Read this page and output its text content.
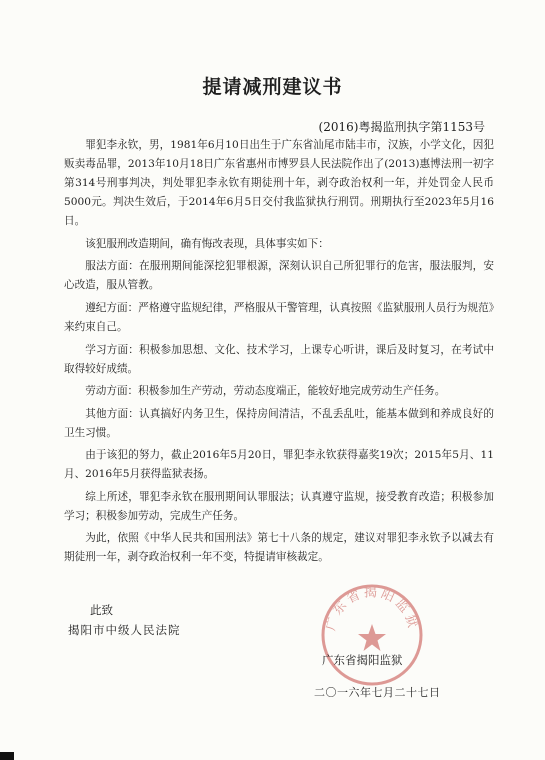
提请减刑建议书
(2016)粤揭监刑执字第1153号

罪犯李永钦，男，1981年6月10日出生于广东省汕尾市陆丰市，汉族，小学文化，因犯贩卖毒品罪，2013年10月18日广东省惠州市博罗县人民法院作出了(2013)惠博法刑一初字第314号刑事判决，判处罪犯李永钦有期徒刑十年，剥夺政治权利一年，并处罚金人民币5000元。判决生效后，于2014年6月5日交付我监狱执行刑罚。刑期执行至2023年5月16日。

该犯服刑改造期间，确有悔改表现，具体事实如下：

服法方面：在服刑期间能深挖犯罪根源，深刻认识自己所犯罪行的危害，服法服判，安心改造，服从管教。

遵纪方面：严格遵守监规纪律，严格服从干警管理，认真按照《监狱服刑人员行为规范》来约束自己。

学习方面：积极参加思想、文化、技术学习，上课专心听讲，课后及时复习，在考试中取得较好成绩。

劳动方面：积极参加生产劳动，劳动态度端正，能较好地完成劳动生产任务。

其他方面：认真搞好内务卫生，保持房间清洁，不乱丢乱吐，能基本做到和养成良好的卫生习惯。

由于该犯的努力，截止2016年5月20日，罪犯李永钦获得嘉奖19次；2015年5月、11月、2016年5月获得监狱表扬。

综上所述，罪犯李永钦在服刑期间认罪服法；认真遵守监规，接受教育改造；积极参加学习；积极参加劳动，完成生产任务。

为此，依照《中华人民共和国刑法》第七十八条的规定，建议对罪犯李永钦予以减去有期徒刑一年，剥夺政治权利一年不变，特提请审核裁定。

此致
揭阳市中级人民法院	广东省揭阳监狱
广东省揭阳监狱
二〇一六年七月二十七日
